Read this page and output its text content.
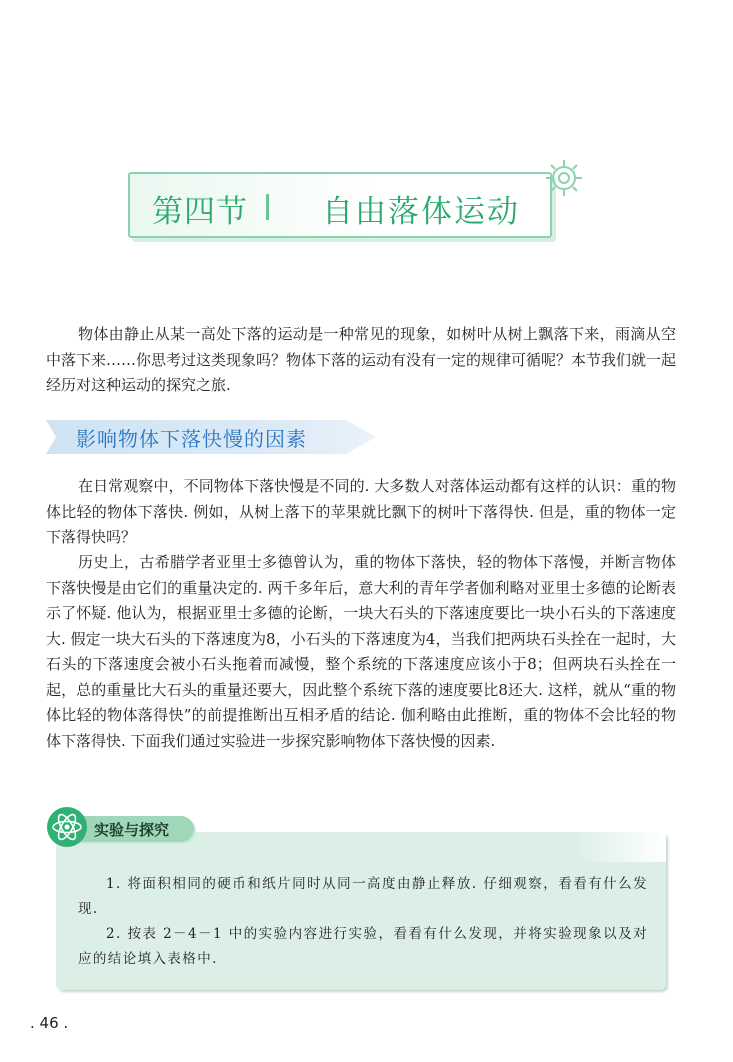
第四节 自由落体运动

物体由静止从某一高处下落的运动是一种常见的现象，如树叶从树上飘落下来，雨滴从空中落下来……你思考过这类现象吗？物体下落的运动有没有一定的规律可循呢？本节我们就一起经历对这种运动的探究之旅.

影响物体下落快慢的因素

在日常观察中，不同物体下落快慢是不同的. 大多数人对落体运动都有这样的认识：重的物体比轻的物体下落快. 例如，从树上落下的苹果就比飘下的树叶下落得快. 但是，重的物体一定下落得快吗？

历史上，古希腊学者亚里士多德曾认为，重的物体下落快，轻的物体下落慢，并断言物体下落快慢是由它们的重量决定的. 两千多年后，意大利的青年学者伽利略对亚里士多德的论断表示了怀疑. 他认为，根据亚里士多德的论断，一块大石头的下落速度要比一块小石头的下落速度大. 假定一块大石头的下落速度为8，小石头的下落速度为4，当我们把两块石头拴在一起时，大石头的下落速度会被小石头拖着而减慢，整个系统的下落速度应该小于8；但两块石头拴在一起，总的重量比大石头的重量还要大，因此整个系统下落的速度要比8还大. 这样，就从“重的物体比轻的物体落得快”的前提推断出互相矛盾的结论. 伽利略由此推断，重的物体不会比轻的物体下落得快. 下面我们通过实验进一步探究影响物体下落快慢的因素.

实验与探究

1. 将面积相同的硬币和纸片同时从同一高度由静止释放. 仔细观察，看看有什么发现.

2. 按表 2－4－1 中的实验内容进行实验，看看有什么发现，并将实验现象以及对应的结论填入表格中.

. 46 .
